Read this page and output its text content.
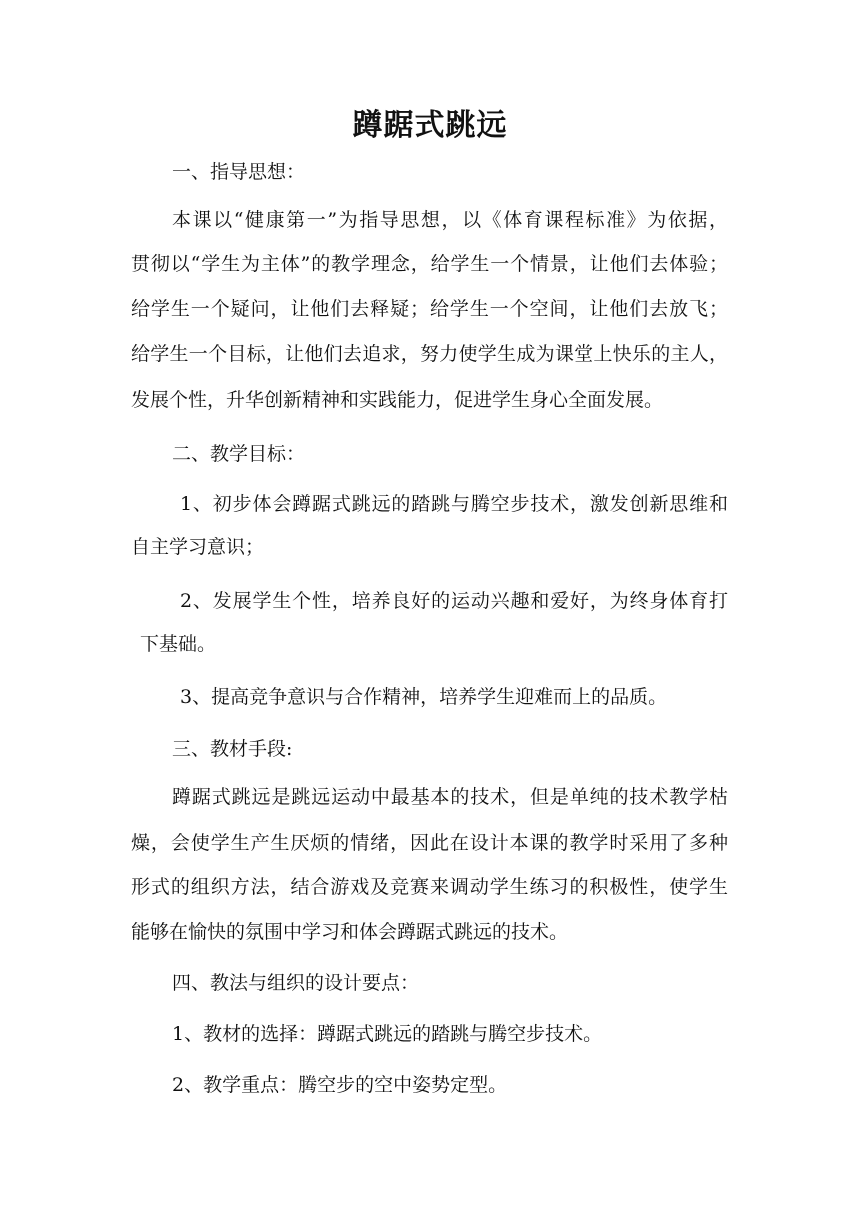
蹲踞式跳远

一、指导思想：

本课以“健康第一”为指导思想，以《体育课程标准》为依据，

贯彻以“学生为主体”的教学理念，给学生一个情景，让他们去体验；

给学生一个疑问，让他们去释疑；给学生一个空间，让他们去放飞；

给学生一个目标，让他们去追求，努力使学生成为课堂上快乐的主人，

发展个性，升华创新精神和实践能力，促进学生身心全面发展。

二、教学目标：

1、初步体会蹲踞式跳远的踏跳与腾空步技术，激发创新思维和

自主学习意识；

2、发展学生个性，培养良好的运动兴趣和爱好，为终身体育打

下基础。

3、提高竞争意识与合作精神，培养学生迎难而上的品质。

三、教材手段:

蹲踞式跳远是跳远运动中最基本的技术，但是单纯的技术教学枯

燥，会使学生产生厌烦的情绪，因此在设计本课的教学时采用了多种

形式的组织方法，结合游戏及竞赛来调动学生练习的积极性，使学生

能够在愉快的氛围中学习和体会蹲踞式跳远的技术。

四、教法与组织的设计要点：

1、教材的选择：蹲踞式跳远的踏跳与腾空步技术。

2、教学重点：腾空步的空中姿势定型。
